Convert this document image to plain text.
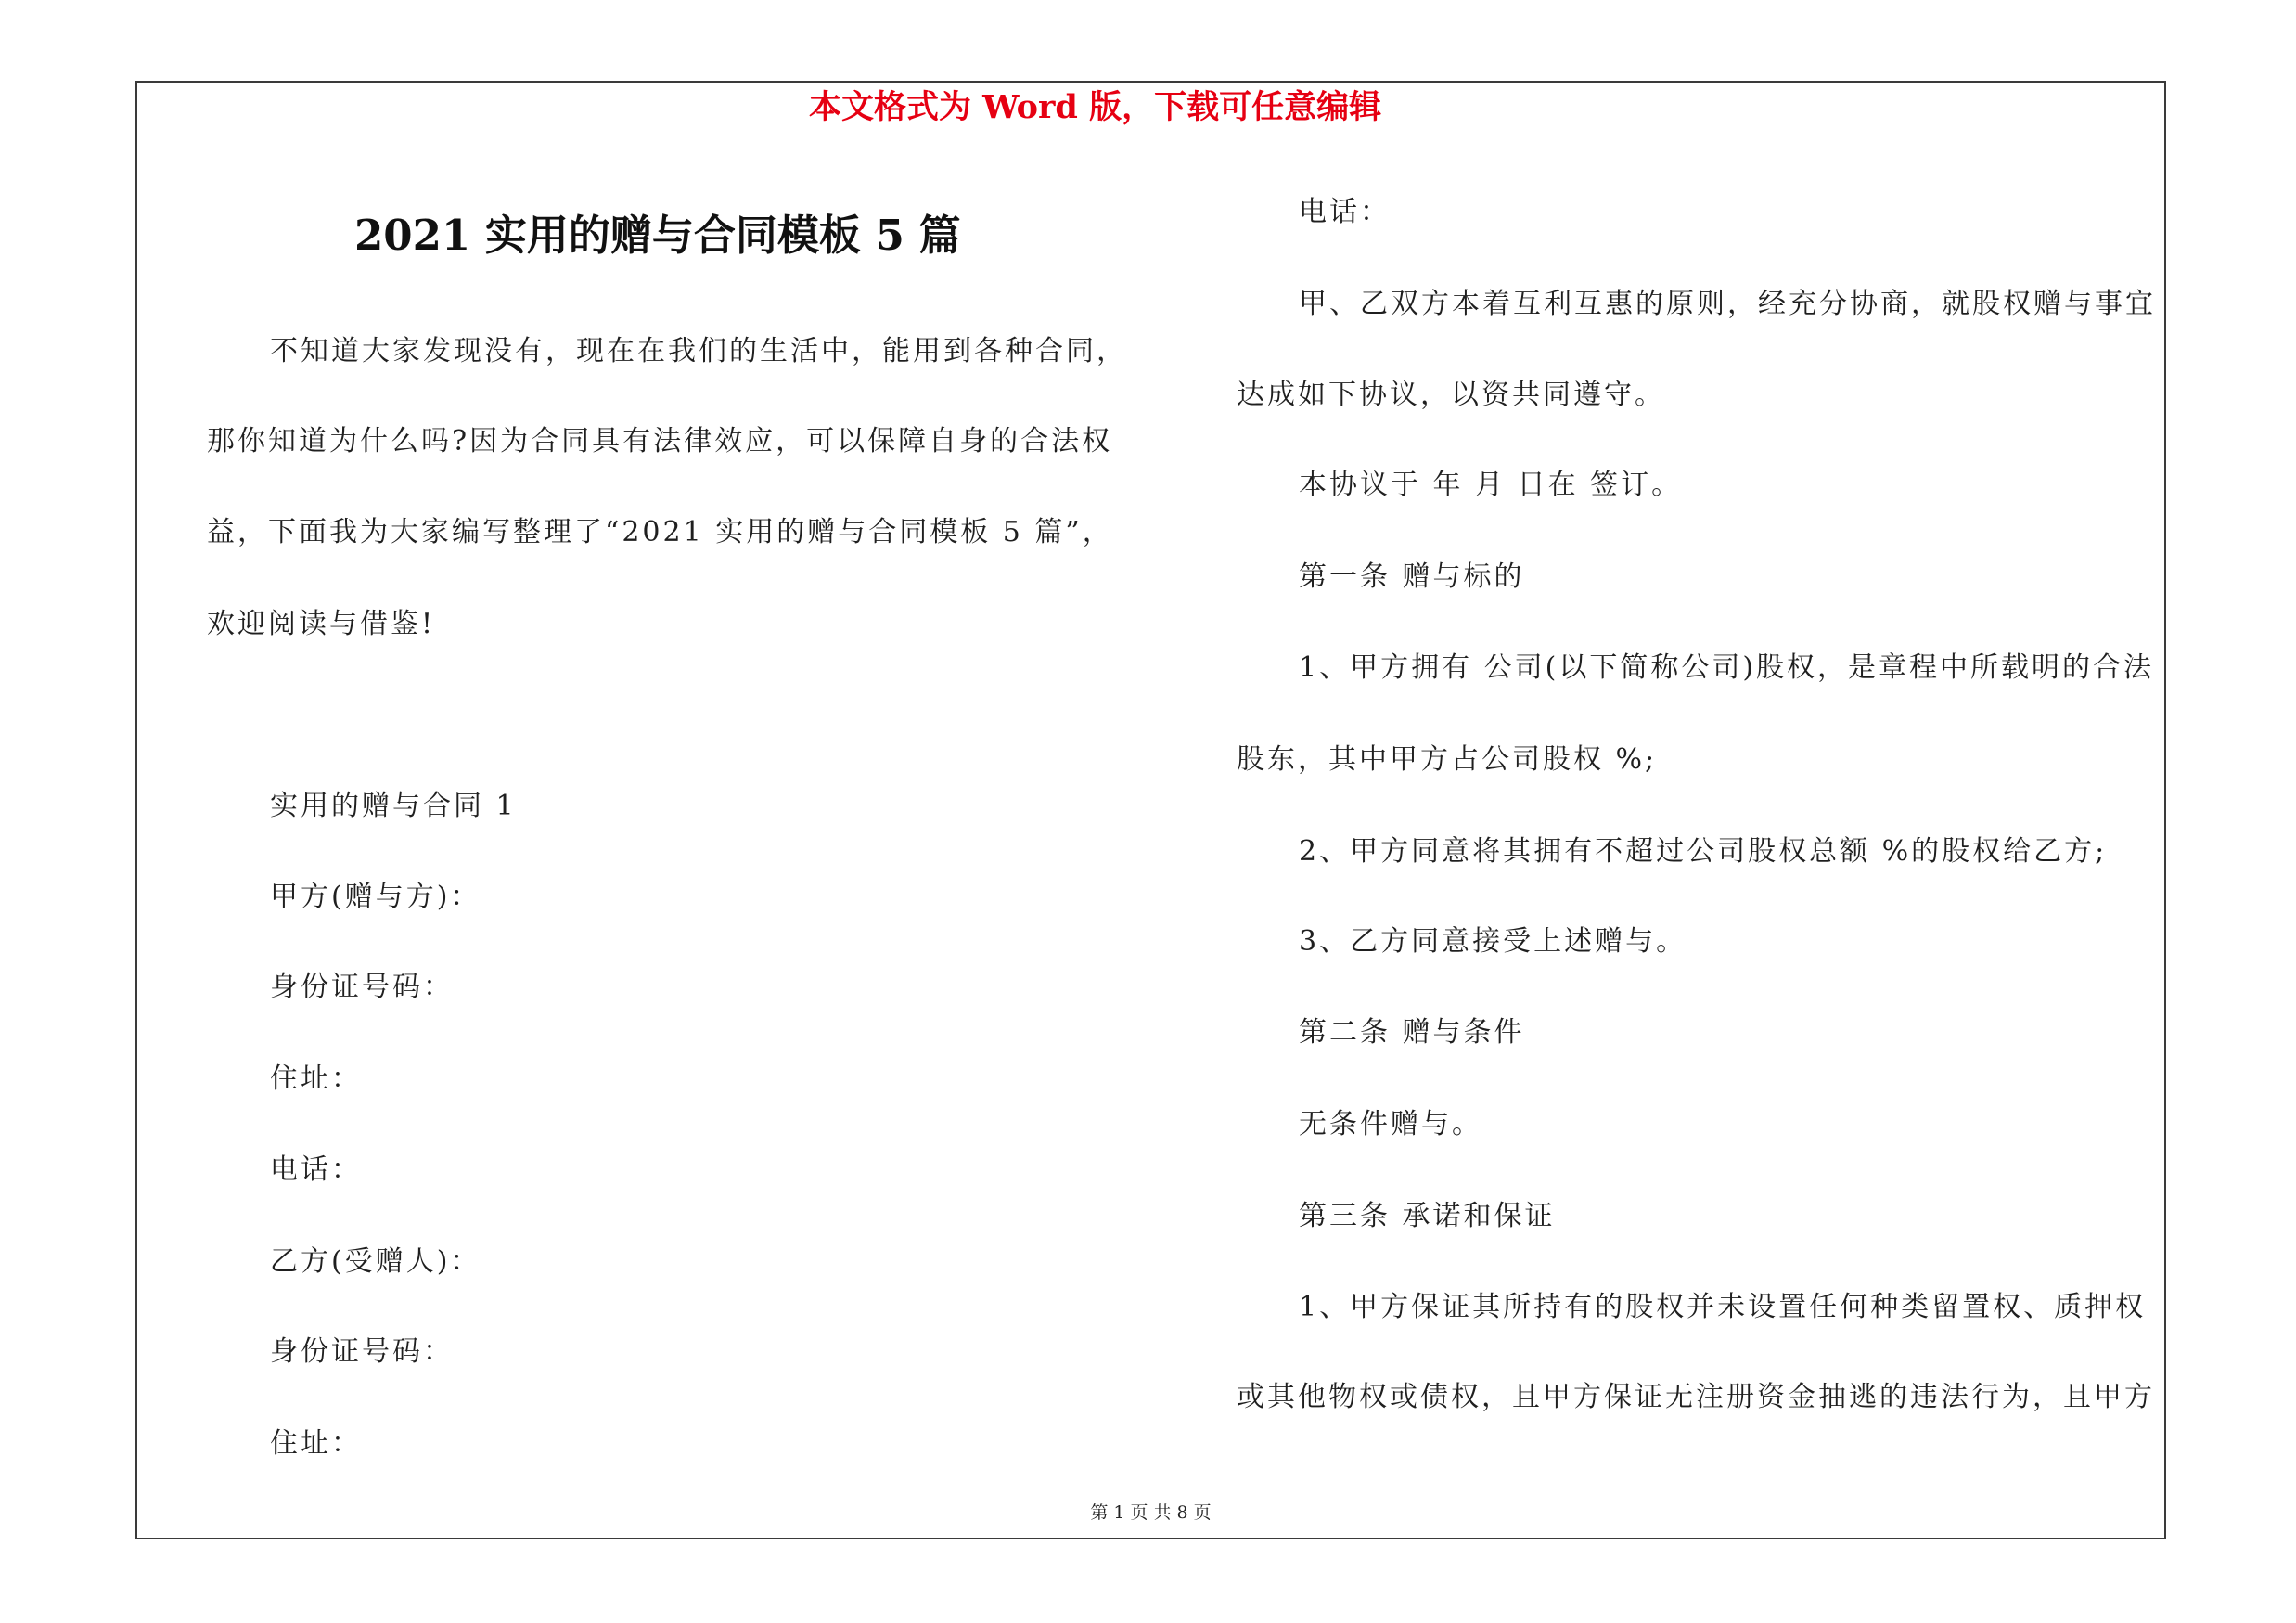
本文格式为 Word 版，下载可任意编辑
2021 实用的赠与合同模板 5 篇
不知道大家发现没有，现在在我们的生活中，能用到各种合同，
那你知道为什么吗?因为合同具有法律效应，可以保障自身的合法权
益，下面我为大家编写整理了“2021 实用的赠与合同模板 5 篇”，
欢迎阅读与借鉴!
实用的赠与合同 1
甲方(赠与方)：
身份证号码：
住址：
电话：
乙方(受赠人)：
身份证号码：
住址：
电话：
甲、乙双方本着互利互惠的原则，经充分协商，就股权赠与事宜
达成如下协议，以资共同遵守。
本协议于 年 月 日在 签订。
第一条 赠与标的
1、甲方拥有 公司(以下简称公司)股权，是章程中所载明的合法
股东，其中甲方占公司股权 %;
2、甲方同意将其拥有不超过公司股权总额 %的股权给乙方;
3、乙方同意接受上述赠与。
第二条 赠与条件
无条件赠与。
第三条 承诺和保证
1、甲方保证其所持有的股权并未设置任何种类留置权、质押权
或其他物权或债权，且甲方保证无注册资金抽逃的违法行为，且甲方
第 1 页 共 8 页
